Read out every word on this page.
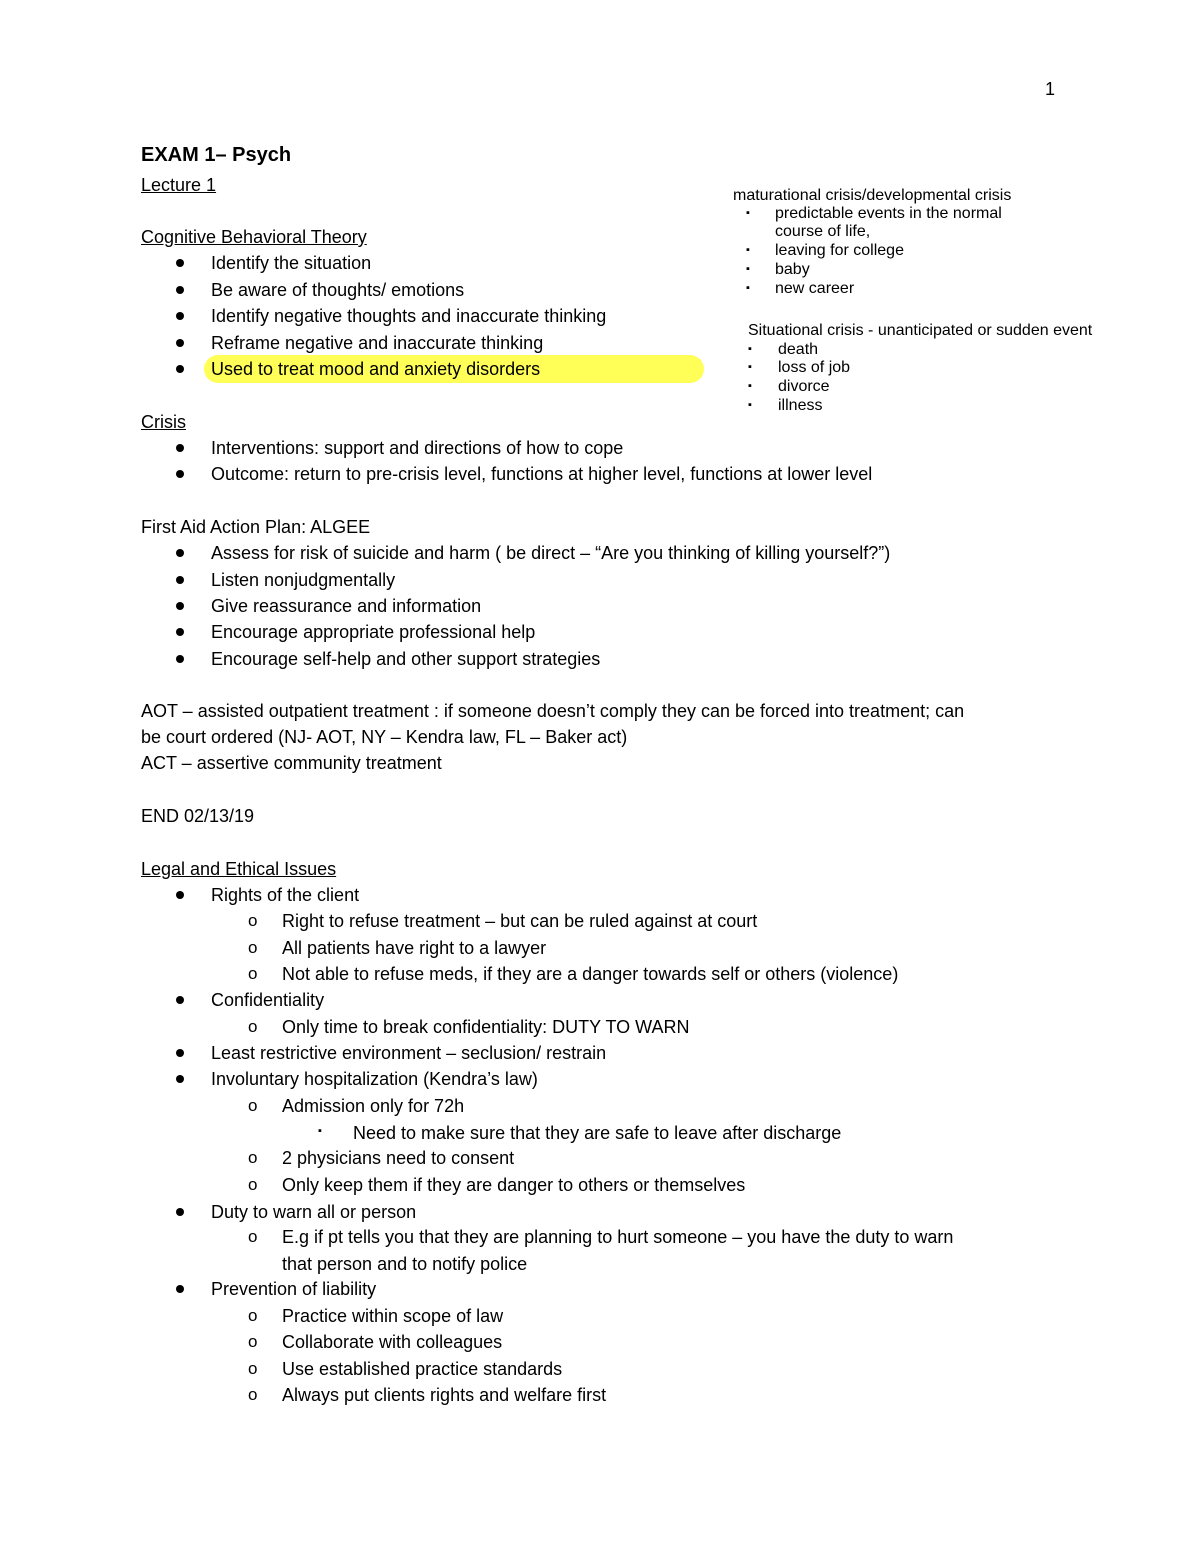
1
EXAM 1– Psych
Lecture 1
Cognitive Behavioral Theory
Identify the situation
Be aware of thoughts/ emotions
Identify negative thoughts and inaccurate thinking
Reframe negative and inaccurate thinking
Used to treat mood and anxiety disorders
maturational crisis/developmental crisis
▪ predictable events in the normal
course of life,
▪ leaving for college
▪ baby
▪ new career
Situational crisis - unanticipated or sudden event
▪ death
▪ loss of job
▪ divorce
▪ illness
Crisis
Interventions: support and directions of how to cope
Outcome: return to pre-crisis level, functions at higher level, functions at lower level
First Aid Action Plan: ALGEE
Assess for risk of suicide and harm ( be direct – “Are you thinking of killing yourself?”)
Listen nonjudgmentally
Give reassurance and information
Encourage appropriate professional help
Encourage self-help and other support strategies
AOT – assisted outpatient treatment : if someone doesn’t comply they can be forced into treatment; can
be court ordered (NJ- AOT, NY – Kendra law, FL – Baker act)
ACT – assertive community treatment
END 02/13/19
Legal and Ethical Issues
Rights of the client
o Right to refuse treatment – but can be ruled against at court
o All patients have right to a lawyer
o Not able to refuse meds, if they are a danger towards self or others (violence)
Confidentiality
o Only time to break confidentiality: DUTY TO WARN
Least restrictive environment – seclusion/ restrain
Involuntary hospitalization (Kendra’s law)
o Admission only for 72h
▪ Need to make sure that they are safe to leave after discharge
o 2 physicians need to consent
o Only keep them if they are danger to others or themselves
Duty to warn all or person
o E.g if pt tells you that they are planning to hurt someone – you have the duty to warn
that person and to notify police
Prevention of liability
o Practice within scope of law
o Collaborate with colleagues
o Use established practice standards
o Always put clients rights and welfare first
